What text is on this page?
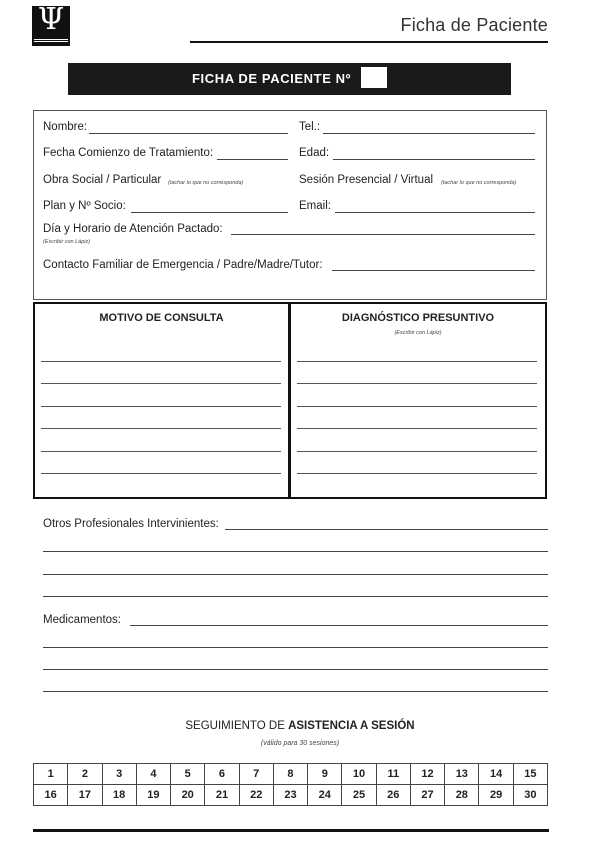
Ψ	Ficha de Paciente
FICHA DE PACIENTE Nº
Nombre:	Tel.:
Fecha Comienzo de Tratamiento:	Edad:
Obra Social / Particular (tachar lo que no corresponda)	Sesión Presencial / Virtual (tachar lo que no corresponda)
Plan y Nº Socio:	Email:
Día y Horario de Atención Pactado:
(Escribir con Lápiz)
Contacto Familiar de Emergencia / Padre/Madre/Tutor:
MOTIVO DE CONSULTA	DIAGNÓSTICO PRESUNTIVO
(Escribir con Lápiz)
Otros Profesionales Intervinientes:
Medicamentos:
SEGUIMIENTO DE ASISTENCIA A SESIÓN
(válido para 30 sesiones)
1	2	3	4	5	6	7	8	9	10	11	12	13	14	15
16	17	18	19	20	21	22	23	24	25	26	27	28	29	30
